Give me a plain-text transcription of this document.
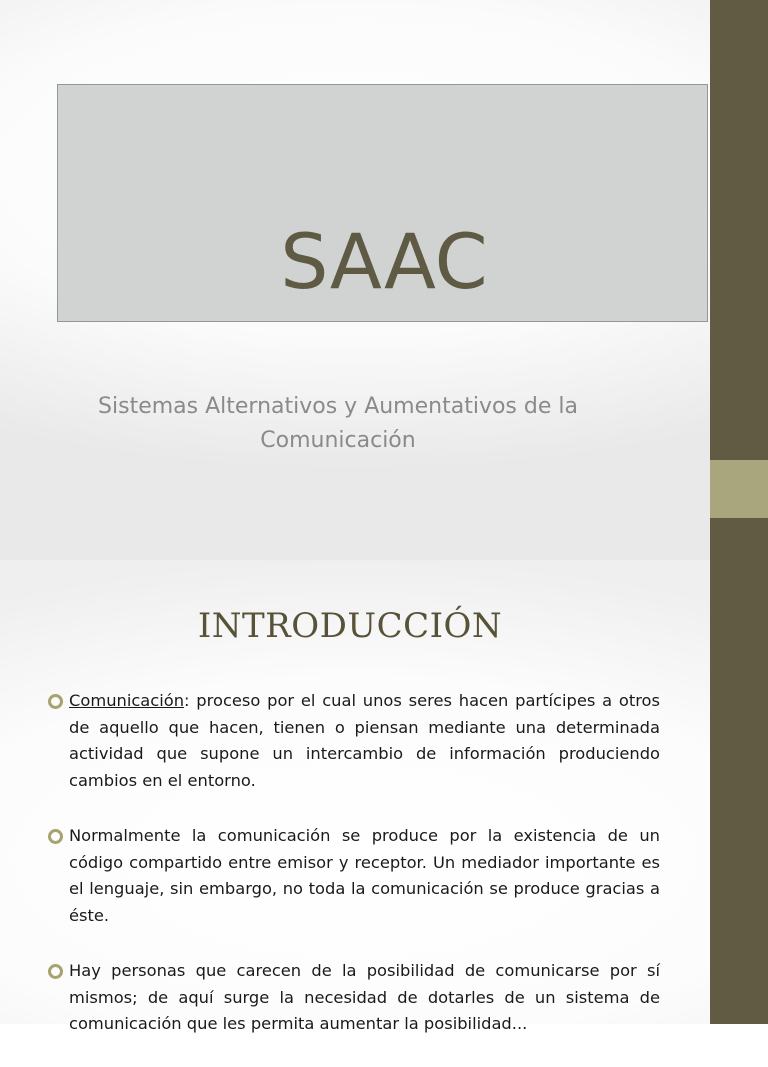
SAAC
Sistemas Alternativos y Aumentativos de la
Comunicación
INTRODUCCIÓN
Comunicación: proceso por el cual unos seres hacen partícipes a otros de aquello que hacen, tienen o piensan mediante una determinada actividad que supone un intercambio de información produciendo cambios en el entorno.
Normalmente la comunicación se produce por la existencia de un código compartido entre emisor y receptor. Un mediador importante es el lenguaje, sin embargo, no toda la comunicación se produce gracias a éste.
Hay personas que carecen de la posibilidad de comunicarse por sí mismos; de aquí surge la necesidad de dotarles de un sistema de comunicación que les permita aumentar la posibilidad...
